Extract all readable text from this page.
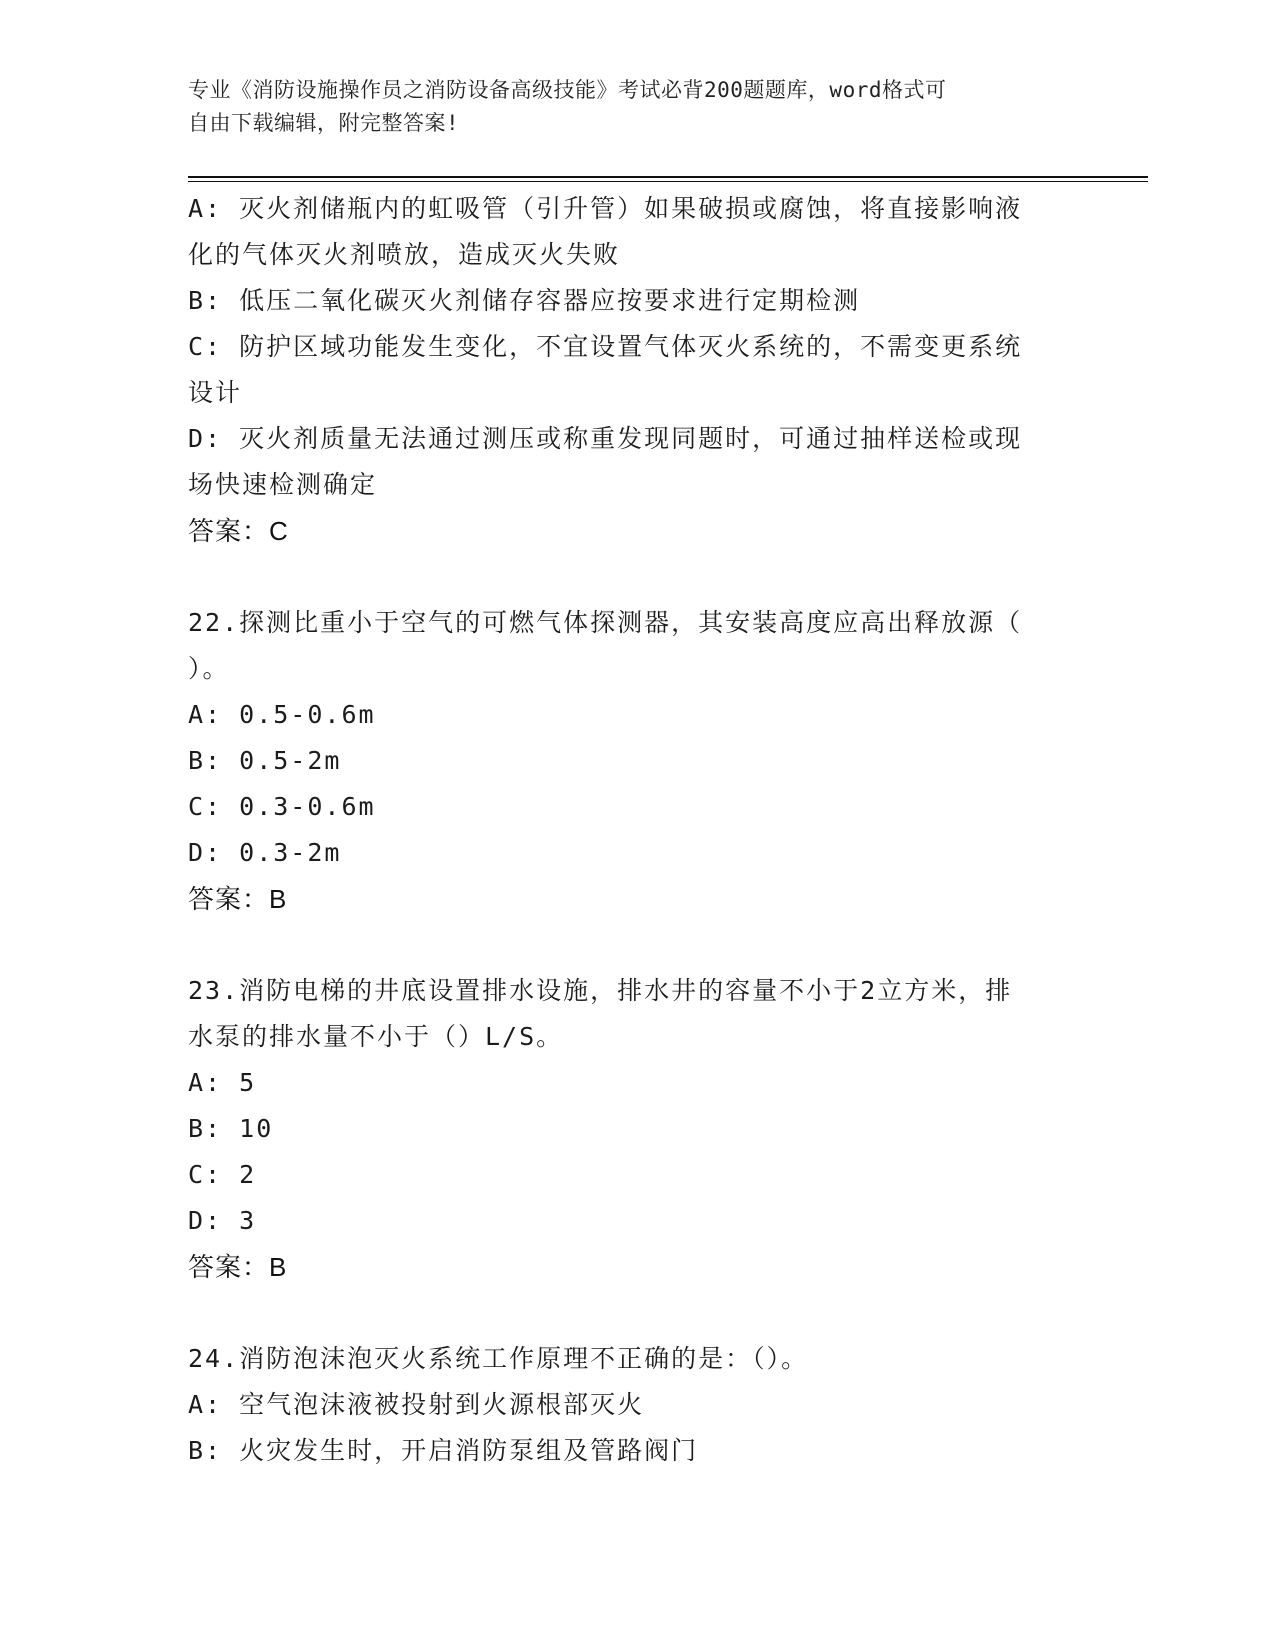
专业《消防设施操作员之消防设备高级技能》考试必背200题题库，word格式可
自由下载编辑，附完整答案!
A: 灭火剂储瓶内的虹吸管（引升管）如果破损或腐蚀，将直接影响液
化的气体灭火剂喷放，造成灭火失败
B: 低压二氧化碳灭火剂储存容器应按要求进行定期检测
C: 防护区域功能发生变化，不宜设置气体灭火系统的，不需变更系统
设计
D: 灭火剂质量无法通过测压或称重发现同题时，可通过抽样送检或现
场快速检测确定
答案：C
22.探测比重小于空气的可燃气体探测器，其安装高度应高出释放源（
）。
A: 0.5-0.6m
B: 0.5-2m
C: 0.3-0.6m
D: 0.3-2m
答案：B
23.消防电梯的井底设置排水设施，排水井的容量不小于2立方米，排
水泵的排水量不小于（）L/S。
A: 5
B: 10
C: 2
D: 3
答案：B
24.消防泡沫泡灭火系统工作原理不正确的是：（）。
A: 空气泡沫液被投射到火源根部灭火
B: 火灾发生时，开启消防泵组及管路阀门
